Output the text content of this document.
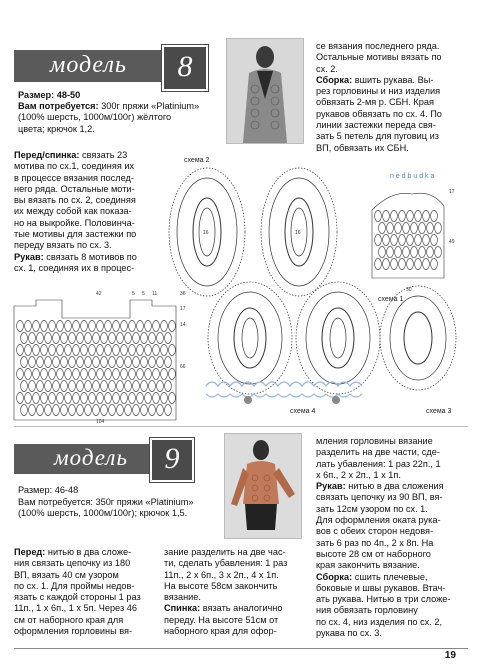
модель	8
Размер: 48-50
Вам потребуется: 300г пряжи «Platinium»
(100% шерсть, 1000м/100г) жёлтого
цвета; крючок 1,2.
Перед/спинка: связать 23
мотива по сх.1, соединяя их
в процессе вязания послед-
него ряда. Остальные моти-
вы вязать по сх. 2, соединяя
их между собой как показа-
но на выкройке. Половинча-
тые мотивы для застежки по
переду вязать по сх. 3.
Рукав: связать 8 мотивов по
сх. 1, соединяя их в процес-
се вязания последнего ряда.
Остальные мотивы вязать по
сх. 2.
Сборка: вшить рукава. Вы-
рез горловины и низ изделия
обвязать 2-мя р. СБН. Края
рукавов обвязать по сх. 4. По
линии застежки переда свя-
зать 5 петель для пуговиц из
ВП, обвязать их СБН.
n e d b u d k a
схема 2
16	16
схема 1
схема 4	схема 3
17
49
30
42	5 5 11	36
17
14
66
104
модель	9
Размер: 46-48
Вам потребуется: 350г пряжи «Platinium»
(100% шерсть, 1000м/100г); крючок 1,5.
Перед: нитью в два сложе-
ния связать цепочку из 180
ВП, вязать 40 см узором
по сх. 1. Для проймы недов-
язать с каждой стороны 1 раз
11п., 1 х 6п., 1 х 5п. Через 46
см от наборного края для
оформления горловины вя-
зание разделить на две час-
ти, сделать убавления: 1 раз
11п., 2 х 6п., 3 х 2п., 4 х 1п.
На высоте 58см закончить
вязание.
Спинка: вязать аналогично
переду. На высоте 51см от
наборного края для офор-
мления горловины вязание
разделить на две части, сде-
лать убавления: 1 раз 22п., 1
х 6п., 2 х 2п., 1 х 1п.
Рукав: нитью в два сложения
связать цепочку из 90 ВП, вя-
зать 12см узором по сх. 1.
Для оформления оката рука-
вов с обеих сторон недовя-
зать 6 раз по 4п., 2 х 8п. На
высоте 28 см от наборного
края закончить вязание.
Сборка: сшить плечевые,
боковые и швы рукавов. Втач-
ать рукава. Нитью в три сложе-
ния обвязать горловину
по сх. 4, низ изделия по сх. 2,
рукава по сх. 3.
19
